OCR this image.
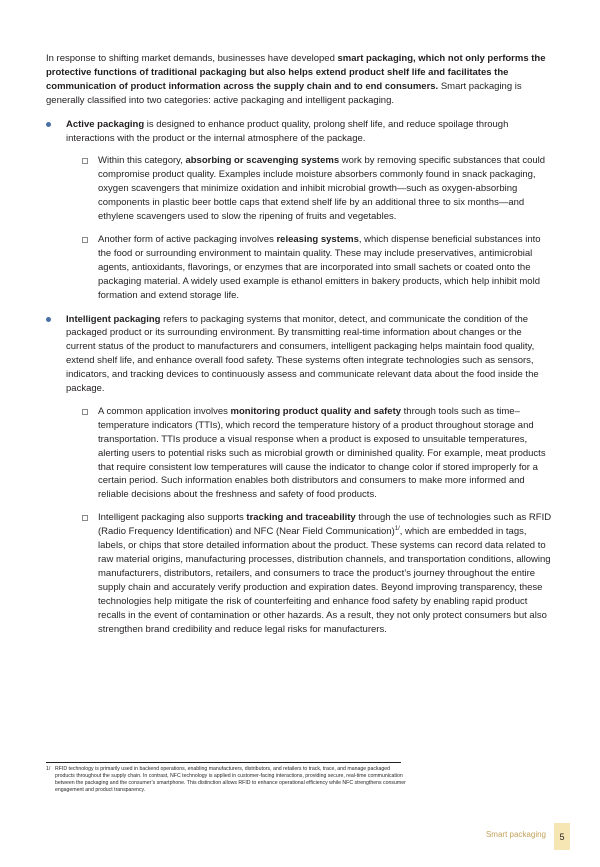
In response to shifting market demands, businesses have developed smart packaging, which not only performs the protective functions of traditional packaging but also helps extend product shelf life and facilitates the communication of product information across the supply chain and to end consumers. Smart packaging is generally classified into two categories: active packaging and intelligent packaging.

Active packaging is designed to enhance product quality, prolong shelf life, and reduce spoilage through interactions with the product or the internal atmosphere of the package.

Within this category, absorbing or scavenging systems work by removing specific substances that could compromise product quality. Examples include moisture absorbers commonly found in snack packaging, oxygen scavengers that minimize oxidation and inhibit microbial growth—such as oxygen-absorbing components in plastic beer bottle caps that extend shelf life by an additional three to six months—and ethylene scavengers used to slow the ripening of fruits and vegetables.

Another form of active packaging involves releasing systems, which dispense beneficial substances into the food or surrounding environment to maintain quality. These may include preservatives, antimicrobial agents, antioxidants, flavorings, or enzymes that are incorporated into small sachets or coated onto the packaging material. A widely used example is ethanol emitters in bakery products, which help inhibit mold formation and extend storage life.

Intelligent packaging refers to packaging systems that monitor, detect, and communicate the condition of the packaged product or its surrounding environment. By transmitting real-time information about changes or the current status of the product to manufacturers and consumers, intelligent packaging helps maintain food quality, extend shelf life, and enhance overall food safety. These systems often integrate technologies such as sensors, indicators, and tracking devices to continuously assess and communicate relevant data about the food inside the package.

A common application involves monitoring product quality and safety through tools such as time–temperature indicators (TTIs), which record the temperature history of a product throughout storage and transportation. TTIs produce a visual response when a product is exposed to unsuitable temperatures, alerting users to potential risks such as microbial growth or diminished quality. For example, meat products that require consistent low temperatures will cause the indicator to change color if stored improperly for a certain period. Such information enables both distributors and consumers to make more informed and reliable decisions about the freshness and safety of food products.

Intelligent packaging also supports tracking and traceability through the use of technologies such as RFID (Radio Frequency Identification) and NFC (Near Field Communication)$^{1/}$, which are embedded in tags, labels, or chips that store detailed information about the product. These systems can record data related to raw material origins, manufacturing processes, distribution channels, and transportation conditions, allowing manufacturers, distributors, retailers, and consumers to trace the product’s journey throughout the entire supply chain and accurately verify production and expiration dates. Beyond improving transparency, these technologies help mitigate the risk of counterfeiting and enhance food safety by enabling rapid product recalls in the event of contamination or other hazards. As a result, they not only protect consumers but also strengthen brand credibility and reduce legal risks for manufacturers.

1/ RFID technology is primarily used in backend operations, enabling manufacturers, distributors, and retailers to track, trace, and manage packaged products throughout the supply chain. In contrast, NFC technology is applied in customer-facing interactions, providing secure, real-time communication between the packaging and the consumer’s smartphone. This distinction allows RFID to enhance operational efficiency while NFC strengthens consumer engagement and product transparency.
Smart packaging	5
